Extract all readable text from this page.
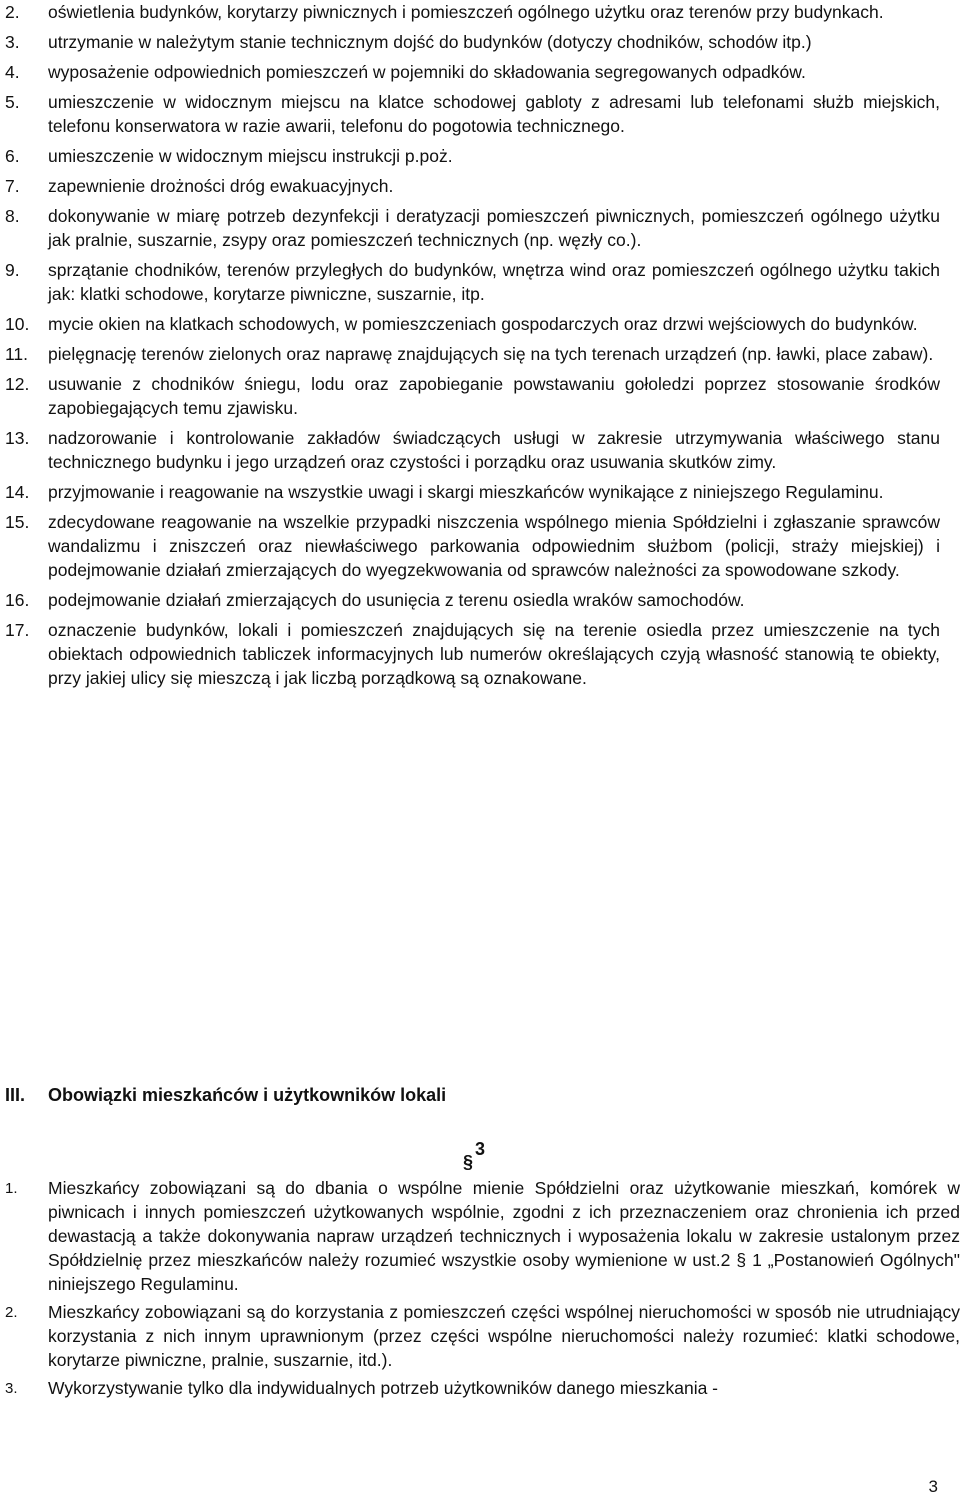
2.	oświetlenia budynków, korytarzy piwnicznych i pomieszczeń ogólnego użytku oraz terenów przy budynkach.
3.	utrzymanie w należytym stanie technicznym dojść do budynków (dotyczy chodników, schodów itp.)
4.	wyposażenie odpowiednich pomieszczeń w pojemniki do składowania segregowanych odpadków.
5.	umieszczenie w widocznym miejscu na klatce schodowej gabloty z adresami lub telefonami służb miejskich, telefonu konserwatora w razie awarii, telefonu do pogotowia technicznego.
6.	umieszczenie w widocznym miejscu instrukcji p.poż.
7.	zapewnienie drożności dróg ewakuacyjnych.
8.	dokonywanie w miarę potrzeb dezynfekcji i deratyzacji pomieszczeń piwnicznych, pomieszczeń ogólnego użytku jak pralnie, suszarnie, zsypy oraz pomieszczeń technicznych (np. węzły co.).
9.	sprzątanie chodników, terenów przyległych do budynków, wnętrza wind oraz pomieszczeń ogólnego użytku takich jak: klatki schodowe, korytarze piwniczne, suszarnie, itp.
10.	mycie okien na klatkach schodowych, w pomieszczeniach gospodarczych oraz drzwi wejściowych do budynków.
11.	pielęgnację terenów zielonych oraz naprawę znajdujących się na tych terenach urządzeń (np. ławki, place zabaw).
12.	usuwanie z chodników śniegu, lodu oraz zapobieganie powstawaniu gołoledzi poprzez stosowanie środków zapobiegających temu zjawisku.
13.	nadzorowanie i kontrolowanie zakładów świadczących usługi w zakresie utrzymywania właściwego stanu technicznego budynku i jego urządzeń oraz czystości i porządku oraz usuwania skutków zimy.
14.	przyjmowanie i reagowanie na wszystkie uwagi i skargi mieszkańców wynikające z niniejszego Regulaminu.
15.	zdecydowane reagowanie na wszelkie przypadki niszczenia wspólnego mienia Spółdzielni i zgłaszanie sprawców wandalizmu i zniszczeń oraz niewłaściwego parkowania odpowiednim służbom (policji, straży miejskiej) i podejmowanie działań zmierzających do wyegzekwowania od sprawców należności za spowodowane szkody.
16.	podejmowanie działań zmierzających do usunięcia z terenu osiedla wraków samochodów.
17.	oznaczenie budynków, lokali i pomieszczeń znajdujących się na terenie osiedla przez umieszczenie na tych obiektach odpowiednich tabliczek informacyjnych lub numerów określających czyją własność stanowią te obiekty, przy jakiej ulicy się mieszczą i jak liczbą porządkową są oznakowane.
III.	Obowiązki mieszkańców i użytkowników lokali
§3
1.	Mieszkańcy zobowiązani są do dbania o wspólne mienie Spółdzielni oraz użytkowanie mieszkań, komórek w piwnicach i innych pomieszczeń użytkowanych wspólnie, zgodni z ich przeznaczeniem oraz chronienia ich przed dewastacją a także dokonywania napraw urządzeń technicznych i wyposażenia lokalu w zakresie ustalonym przez Spółdzielnię przez mieszkańców należy rozumieć wszystkie osoby wymienione w ust.2 § 1 „Postanowień Ogólnych" niniejszego Regulaminu.
2.	Mieszkańcy zobowiązani są do korzystania z pomieszczeń części wspólnej nieruchomości w sposób nie utrudniający korzystania z nich innym uprawnionym (przez części wspólne nieruchomości należy rozumieć: klatki schodowe, korytarze piwniczne, pralnie, suszarnie, itd.).
3.	Wykorzystywanie tylko dla indywidualnych potrzeb użytkowników danego mieszkania -
3
